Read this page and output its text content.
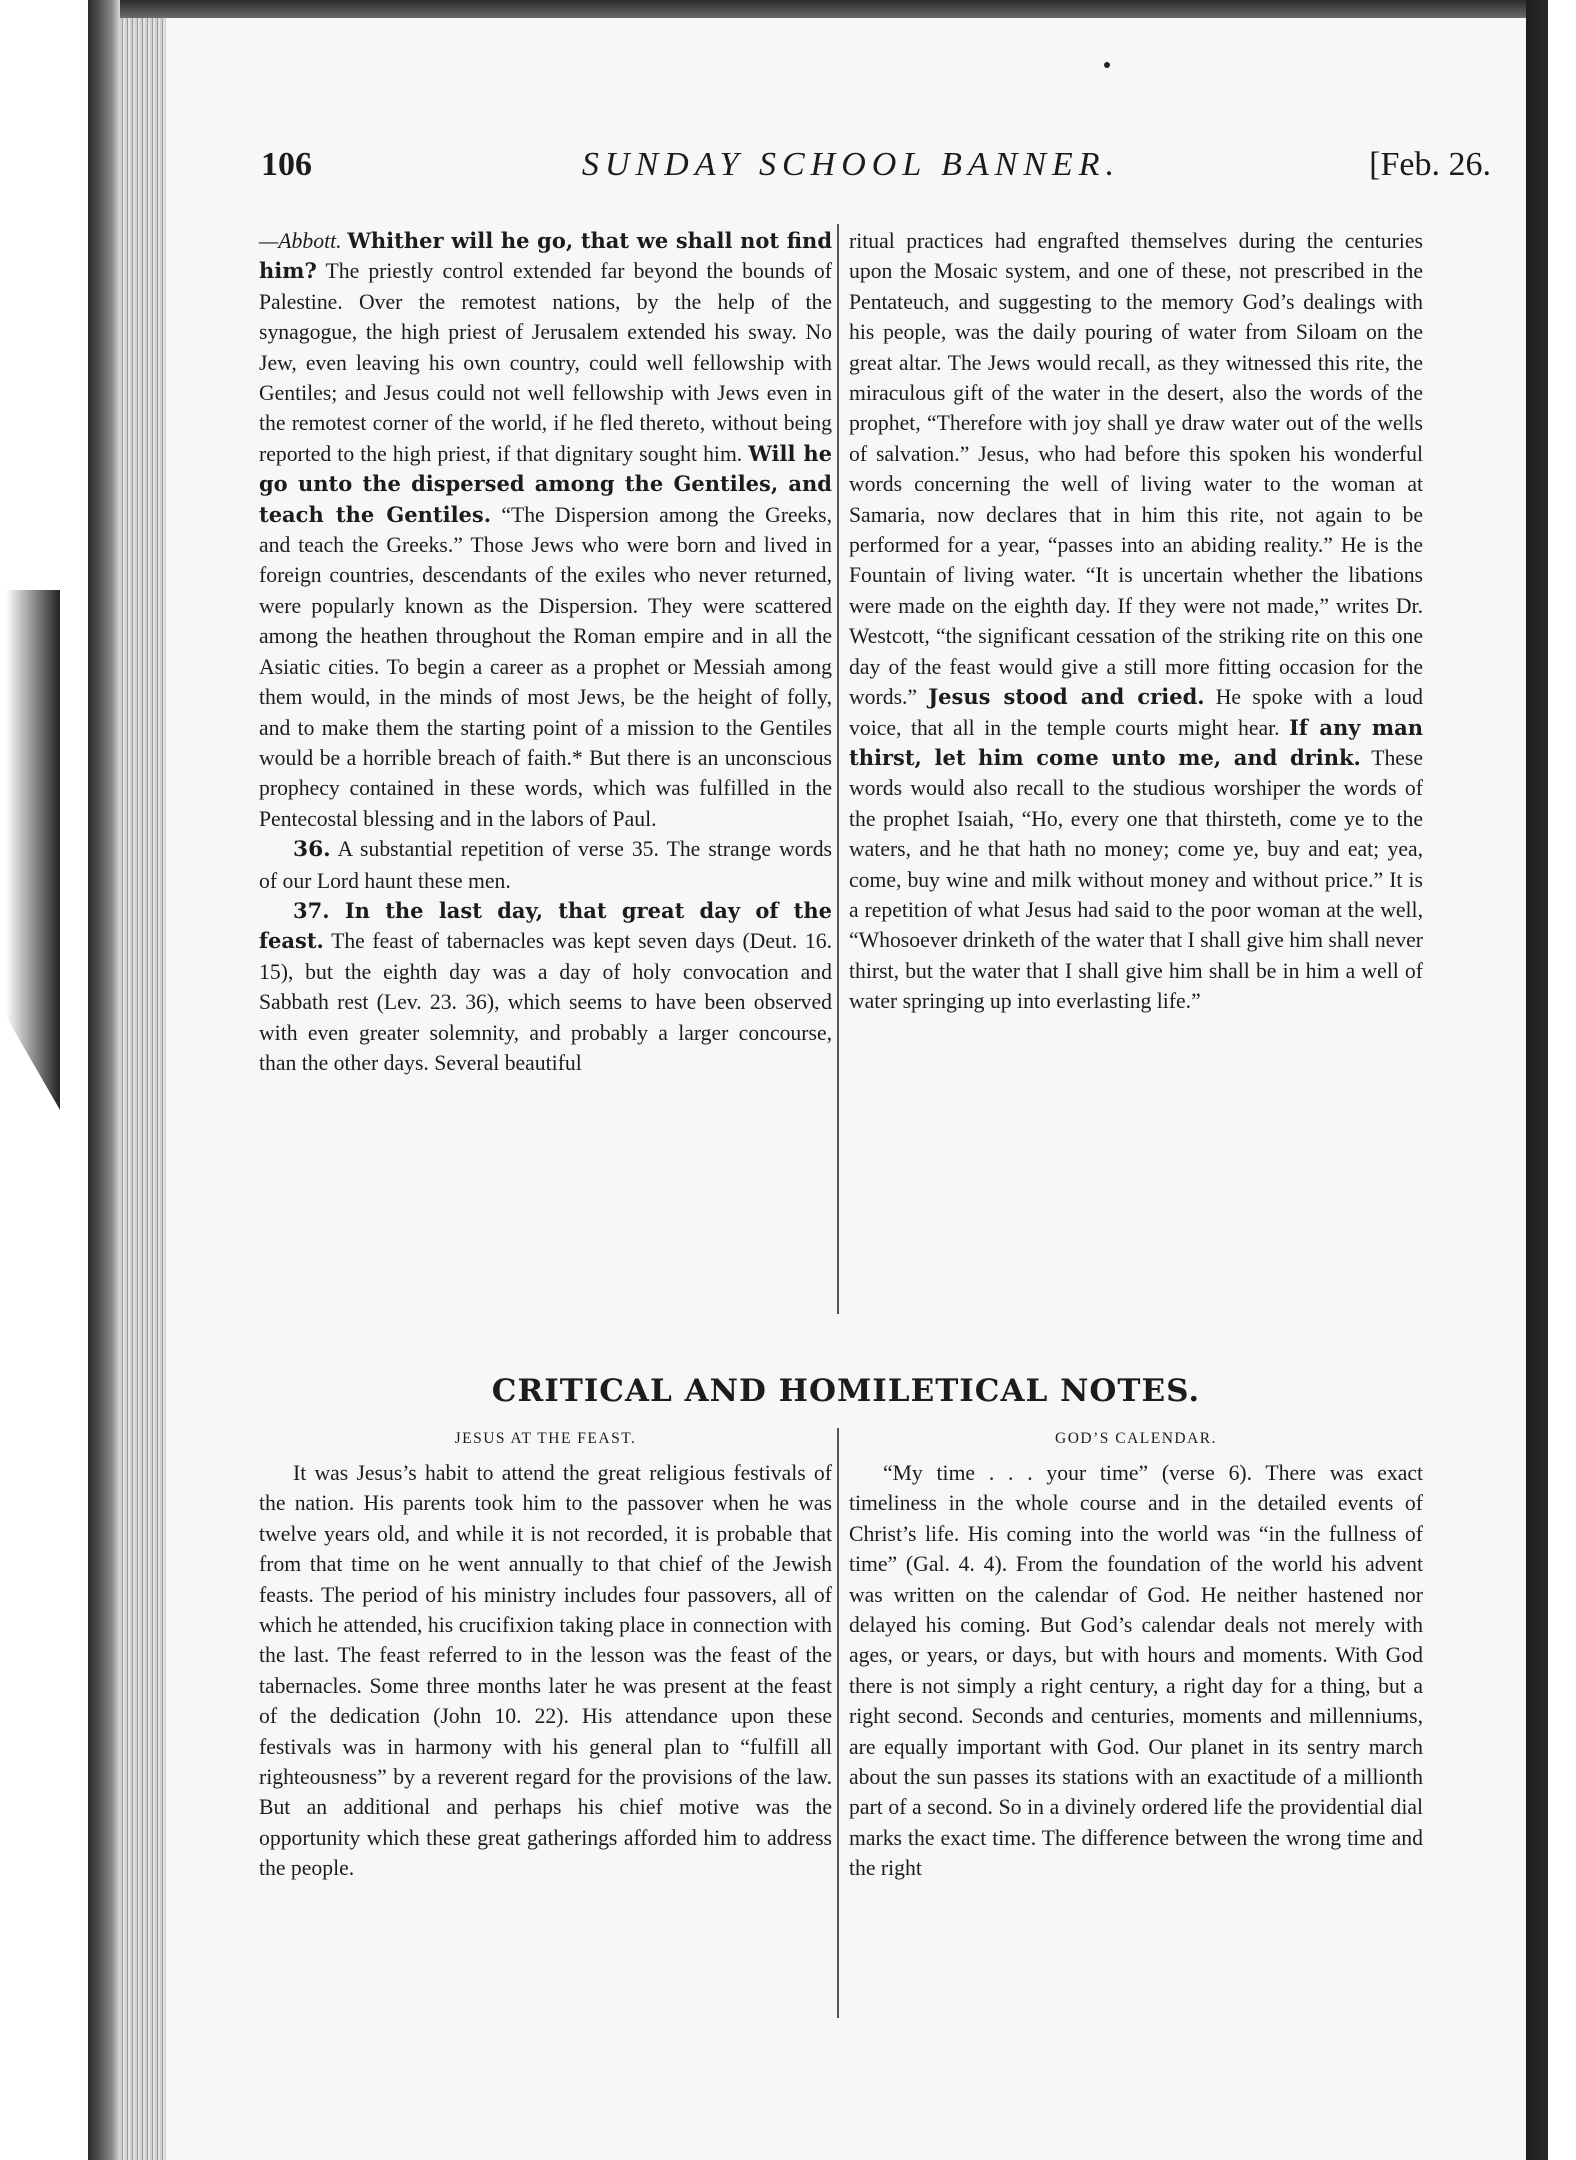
106	SUNDAY SCHOOL BANNER.	[Feb. 26.

—Abbott. Whither will he go, that we shall not find him? The priestly control extended far beyond the bounds of Palestine. Over the remotest nations, by the help of the synagogue, the high priest of Jerusalem extended his sway. No Jew, even leaving his own country, could well fellowship with Gentiles; and Jesus could not well fellowship with Jews even in the remotest corner of the world, if he fled thereto, without being reported to the high priest, if that dignitary sought him. Will he go unto the dispersed among the Gentiles, and teach the Gentiles. “The Dispersion among the Greeks, and teach the Greeks.” Those Jews who were born and lived in foreign countries, descendants of the exiles who never returned, were popularly known as the Dispersion. They were scattered among the heathen throughout the Roman empire and in all the Asiatic cities. To begin a career as a prophet or Messiah among them would, in the minds of most Jews, be the height of folly, and to make them the starting point of a mission to the Gentiles would be a horrible breach of faith.* But there is an unconscious prophecy contained in these words, which was fulfilled in the Pentecostal blessing and in the labors of Paul.

36. A substantial repetition of verse 35. The strange words of our Lord haunt these men.

37. In the last day, that great day of the feast. The feast of tabernacles was kept seven days (Deut. 16. 15), but the eighth day was a day of holy convocation and Sabbath rest (Lev. 23. 36), which seems to have been observed with even greater solemnity, and probably a larger concourse, than the other days. Several beautiful

ritual practices had engrafted themselves during the centuries upon the Mosaic system, and one of these, not prescribed in the Pentateuch, and suggesting to the memory God’s dealings with his people, was the daily pouring of water from Siloam on the great altar. The Jews would recall, as they witnessed this rite, the miraculous gift of the water in the desert, also the words of the prophet, “Therefore with joy shall ye draw water out of the wells of salvation.” Jesus, who had before this spoken his wonderful words concerning the well of living water to the woman at Samaria, now declares that in him this rite, not again to be performed for a year, “passes into an abiding reality.” He is the Fountain of living water. “It is uncertain whether the libations were made on the eighth day. If they were not made,” writes Dr. Westcott, “the significant cessation of the striking rite on this one day of the feast would give a still more fitting occasion for the words.” Jesus stood and cried. He spoke with a loud voice, that all in the temple courts might hear. If any man thirst, let him come unto me, and drink. These words would also recall to the studious worshiper the words of the prophet Isaiah, “Ho, every one that thirsteth, come ye to the waters, and he that hath no money; come ye, buy and eat; yea, come, buy wine and milk without money and without price.” It is a repetition of what Jesus had said to the poor woman at the well, “Whosoever drinketh of the water that I shall give him shall never thirst, but the water that I shall give him shall be in him a well of water springing up into everlasting life.”

CRITICAL AND HOMILETICAL NOTES.
JESUS AT THE FEAST.	GOD’S CALENDAR.

It was Jesus’s habit to attend the great religious festivals of the nation. His parents took him to the passover when he was twelve years old, and while it is not recorded, it is probable that from that time on he went annually to that chief of the Jewish feasts. The period of his ministry includes four passovers, all of which he attended, his crucifixion taking place in connection with the last. The feast referred to in the lesson was the feast of the tabernacles. Some three months later he was present at the feast of the dedication (John 10. 22). His attendance upon these festivals was in harmony with his general plan to “fulfill all righteousness” by a reverent regard for the provisions of the law. But an additional and perhaps his chief motive was the opportunity which these great gatherings afforded him to address the people.

“My time . . . your time” (verse 6). There was exact timeliness in the whole course and in the detailed events of Christ’s life. His coming into the world was “in the fullness of time” (Gal. 4. 4). From the foundation of the world his advent was written on the calendar of God. He neither hastened nor delayed his coming. But God’s calendar deals not merely with ages, or years, or days, but with hours and moments. With God there is not simply a right century, a right day for a thing, but a right second. Seconds and centuries, moments and millenniums, are equally important with God. Our planet in its sentry march about the sun passes its stations with an exactitude of a millionth part of a second. So in a divinely ordered life the providential dial marks the exact time. The difference between the wrong time and the right
